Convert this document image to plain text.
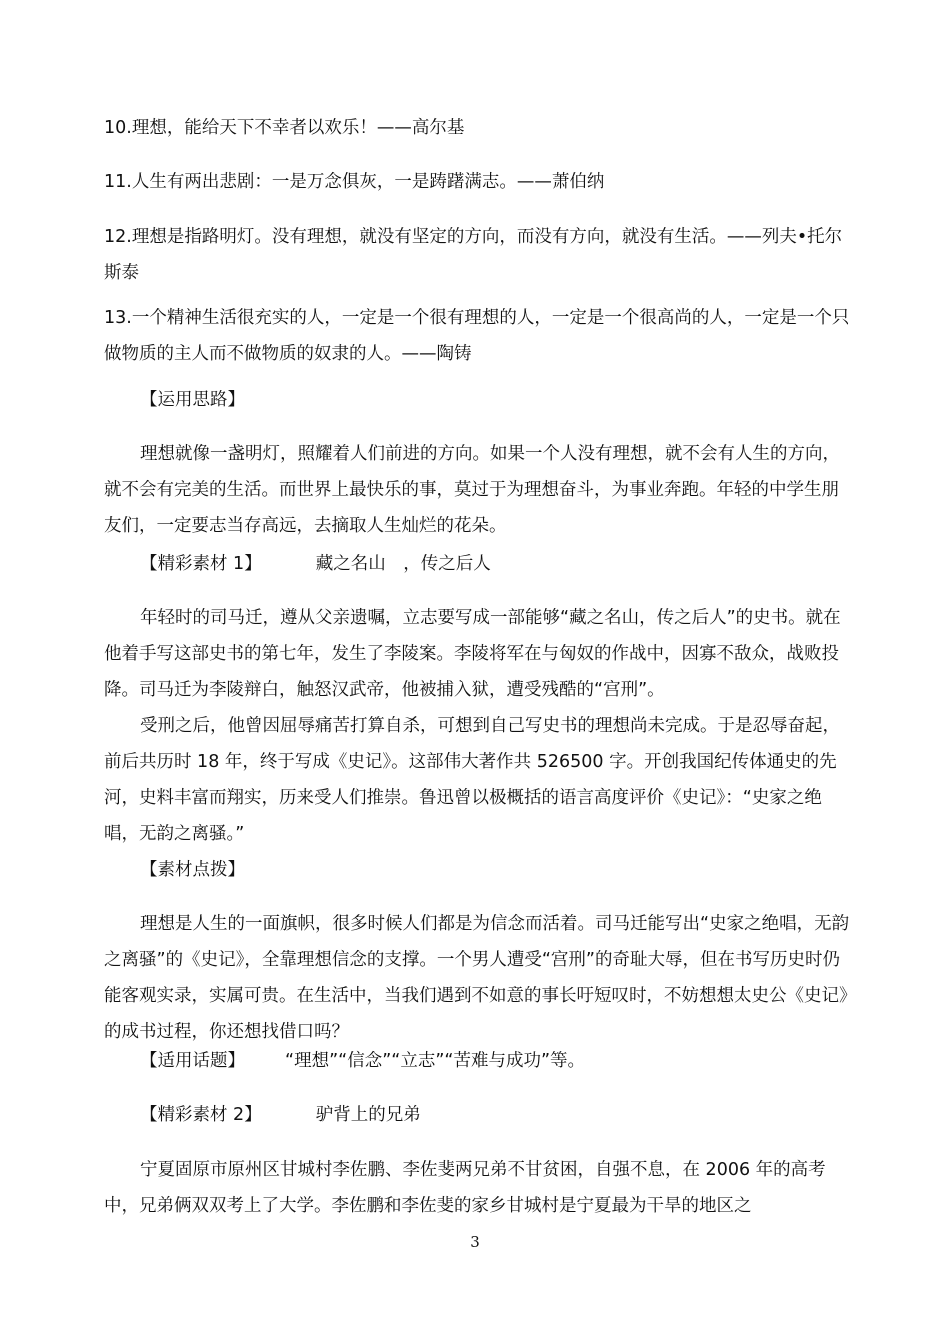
10.理想，能给天下不幸者以欢乐！——高尔基

11.人生有两出悲剧：一是万念俱灰，一是踌躇满志。——萧伯纳

12.理想是指路明灯。没有理想，就没有坚定的方向，而没有方向，就没有生活。——列夫•托尔斯泰

13.一个精神生活很充实的人，一定是一个很有理想的人，一定是一个很高尚的人，一定是一个只做物质的主人而不做物质的奴隶的人。——陶铸

【运用思路】

理想就像一盏明灯，照耀着人们前进的方向。如果一个人没有理想，就不会有人生的方向，就不会有完美的生活。而世界上最快乐的事，莫过于为理想奋斗，为事业奔跑。年轻的中学生朋友们，一定要志当存高远，去摘取人生灿烂的花朵。

【精彩素材 1】	藏之名山　，传之后人

年轻时的司马迁，遵从父亲遗嘱，立志要写成一部能够“藏之名山，传之后人”的史书。就在他着手写这部史书的第七年，发生了李陵案。李陵将军在与匈奴的作战中，因寡不敌众，战败投降。司马迁为李陵辩白，触怒汉武帝，他被捕入狱，遭受残酷的“宫刑”。

受刑之后，他曾因屈辱痛苦打算自杀，可想到自己写史书的理想尚未完成。于是忍辱奋起，前后共历时 18 年，终于写成《史记》。这部伟大著作共 526500 字。开创我国纪传体通史的先河，史料丰富而翔实，历来受人们推崇。鲁迅曾以极概括的语言高度评价《史记》：“史家之绝唱，无韵之离骚。”

【素材点拨】

理想是人生的一面旗帜，很多时候人们都是为信念而活着。司马迁能写出“史家之绝唱，无韵之离骚”的《史记》，全靠理想信念的支撑。一个男人遭受“宫刑”的奇耻大辱，但在书写历史时仍能客观实录，实属可贵。在生活中，当我们遇到不如意的事长吁短叹时，不妨想想太史公《史记》的成书过程，你还想找借口吗？

【适用话题】 “理想”“信念”“立志”“苦难与成功”等。

【精彩素材 2】	驴背上的兄弟

宁夏固原市原州区甘城村李佐鹏、李佐斐两兄弟不甘贫困，自强不息，在 2006 年的高考中，兄弟俩双双考上了大学。李佐鹏和李佐斐的家乡甘城村是宁夏最为干旱的地区之

3
